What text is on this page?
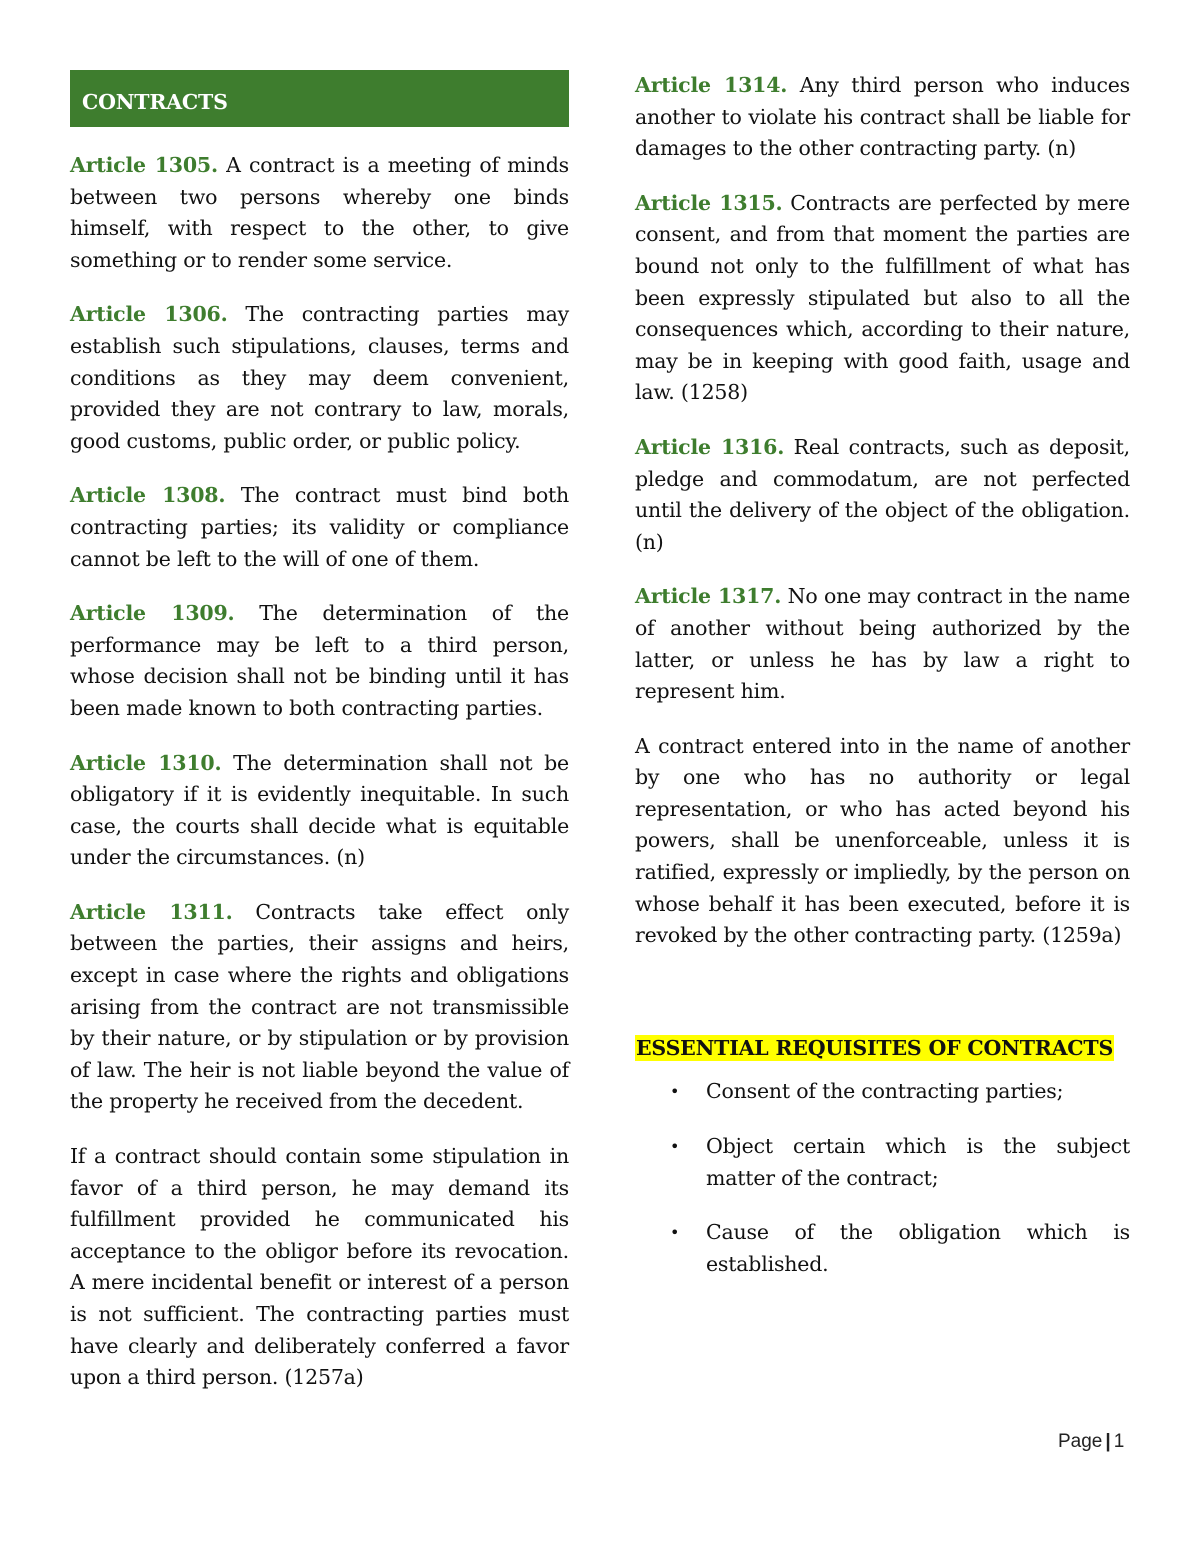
CONTRACTS

Article 1305. A contract is a meeting of minds between two persons whereby one binds himself, with respect to the other, to give something or to render some service.

Article 1306. The contracting parties may establish such stipulations, clauses, terms and conditions as they may deem convenient, provided they are not contrary to law, morals, good customs, public order, or public policy.

Article 1308. The contract must bind both contracting parties; its validity or compliance cannot be left to the will of one of them.

Article 1309. The determination of the performance may be left to a third person, whose decision shall not be binding until it has been made known to both contracting parties.

Article 1310. The determination shall not be obligatory if it is evidently inequitable. In such case, the courts shall decide what is equitable under the circumstances. (n)

Article 1311. Contracts take effect only between the parties, their assigns and heirs, except in case where the rights and obligations arising from the contract are not transmissible by their nature, or by stipulation or by provision of law. The heir is not liable beyond the value of the property he received from the decedent.

If a contract should contain some stipulation in favor of a third person, he may demand its fulfillment provided he communicated his acceptance to the obligor before its revocation. A mere incidental benefit or interest of a person is not sufficient. The contracting parties must have clearly and deliberately conferred a favor upon a third person. (1257a)

Article 1314. Any third person who induces another to violate his contract shall be liable for damages to the other contracting party. (n)

Article 1315. Contracts are perfected by mere consent, and from that moment the parties are bound not only to the fulfillment of what has been expressly stipulated but also to all the consequences which, according to their nature, may be in keeping with good faith, usage and law. (1258)

Article 1316. Real contracts, such as deposit, pledge and commodatum, are not perfected until the delivery of the object of the obligation. (n)

Article 1317. No one may contract in the name of another without being authorized by the latter, or unless he has by law a right to represent him.

A contract entered into in the name of another by one who has no authority or legal representation, or who has acted beyond his powers, shall be unenforceable, unless it is ratified, expressly or impliedly, by the person on whose behalf it has been executed, before it is revoked by the other contracting party. (1259a)

ESSENTIAL REQUISITES OF CONTRACTS
• Consent of the contracting parties;
• Object certain which is the subject matter of the contract;
• Cause of the obligation which is established.
Page | 1
